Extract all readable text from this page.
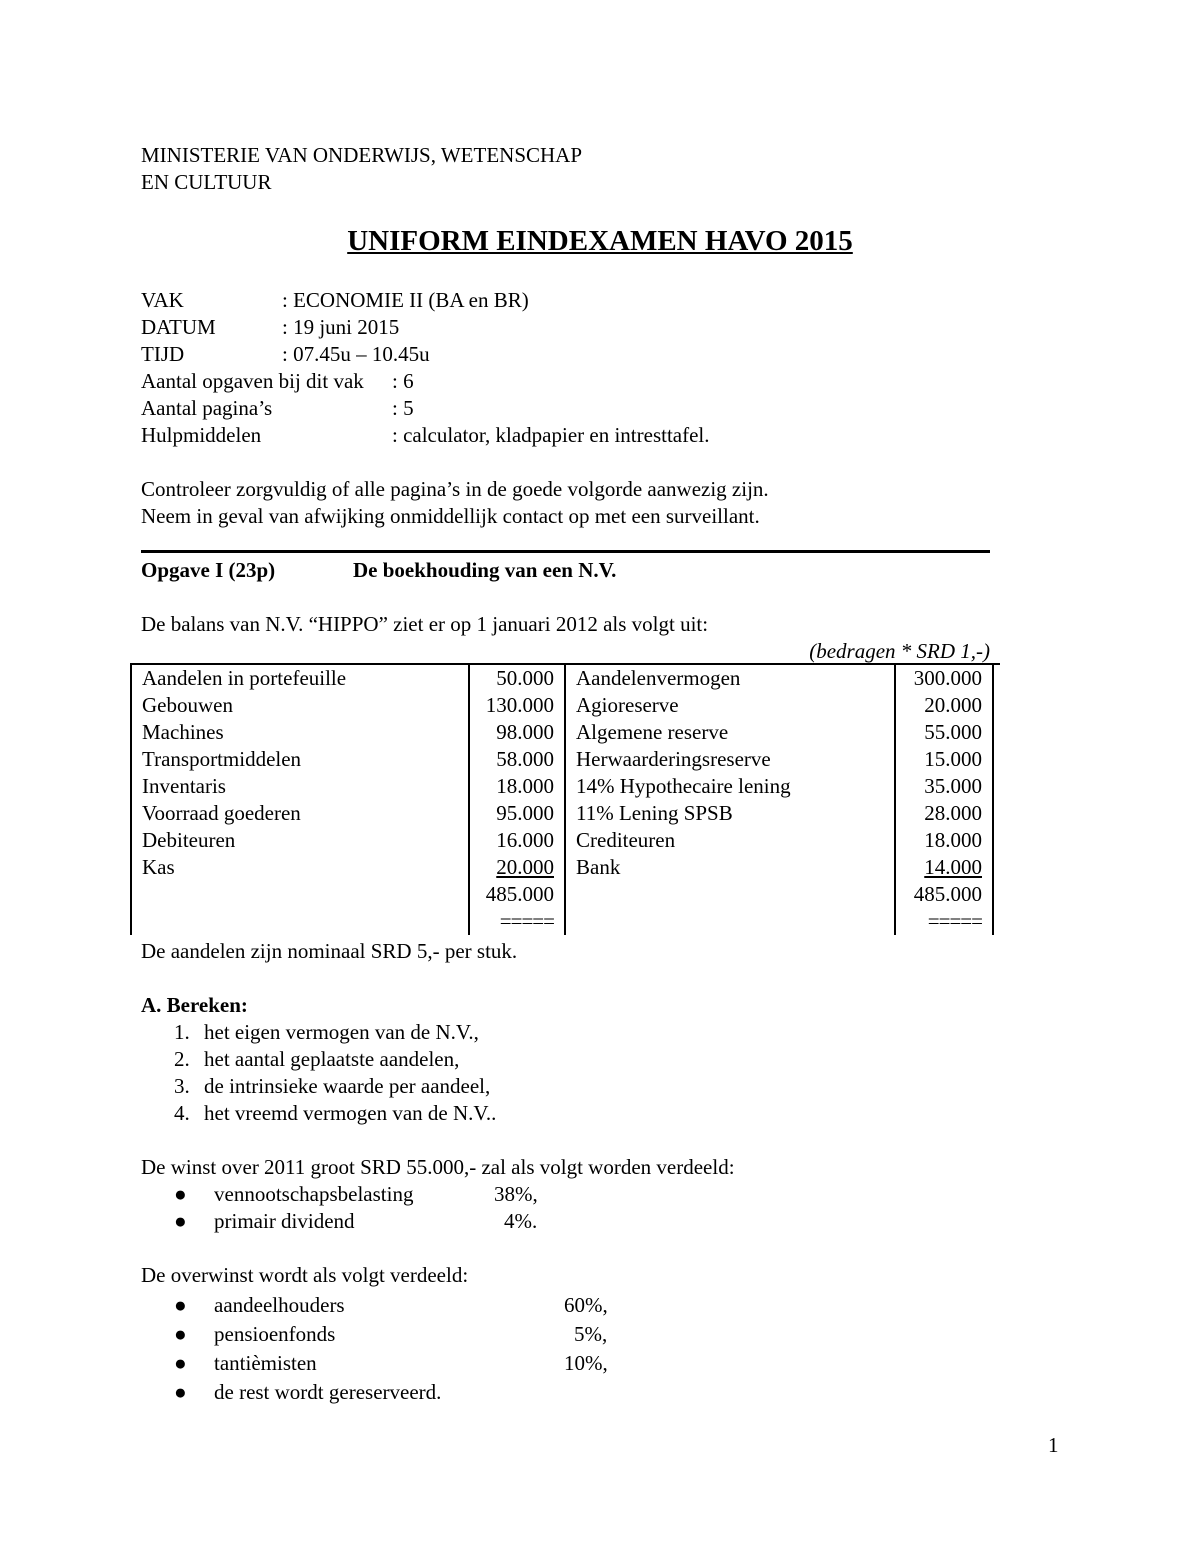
MINISTERIE VAN ONDERWIJS, WETENSCHAP
EN CULTUUR
UNIFORM EINDEXAMEN HAVO 2015
VAK	: ECONOMIE II (BA en BR)
DATUM	: 19 juni 2015
TIJD	: 07.45u – 10.45u
Aantal opgaven bij dit vak : 6
Aantal pagina’s	: 5
Hulpmiddelen	: calculator, kladpapier en intresttafel.
Controleer zorgvuldig of alle pagina’s in de goede volgorde aanwezig zijn.
Neem in geval van afwijking onmiddellijk contact op met een surveillant.
Opgave I (23p)	De boekhouding van een N.V.
De balans van N.V. “HIPPO” ziet er op 1 januari 2012 als volgt uit:
(bedragen * SRD 1,-)
Aandelen in portefeuille	50.000	Aandelenvermogen	300.000
Gebouwen	130.000	Agioreserve	20.000
Machines	98.000	Algemene reserve	55.000
Transportmiddelen	58.000	Herwaarderingsreserve	15.000
Inventaris	18.000	14% Hypothecaire lening	35.000
Voorraad goederen	95.000	11% Lening SPSB	28.000
Debiteuren	16.000	Crediteuren	18.000
Kas	20.000	Bank	14.000
	485.000		485.000
	=====		=====
De aandelen zijn nominaal SRD 5,- per stuk.
A. Bereken:
1. het eigen vermogen van de N.V.,
2. het aantal geplaatste aandelen,
3. de intrinsieke waarde per aandeel,
4. het vreemd vermogen van de N.V..
De winst over 2011 groot SRD 55.000,- zal als volgt worden verdeeld:
● vennootschapsbelasting	38%,
● primair dividend	4%.
De overwinst wordt als volgt verdeeld:
● aandeelhouders	60%,
● pensioenfonds	5%,
● tantièmisten	10%,
● de rest wordt gereserveerd.
1
